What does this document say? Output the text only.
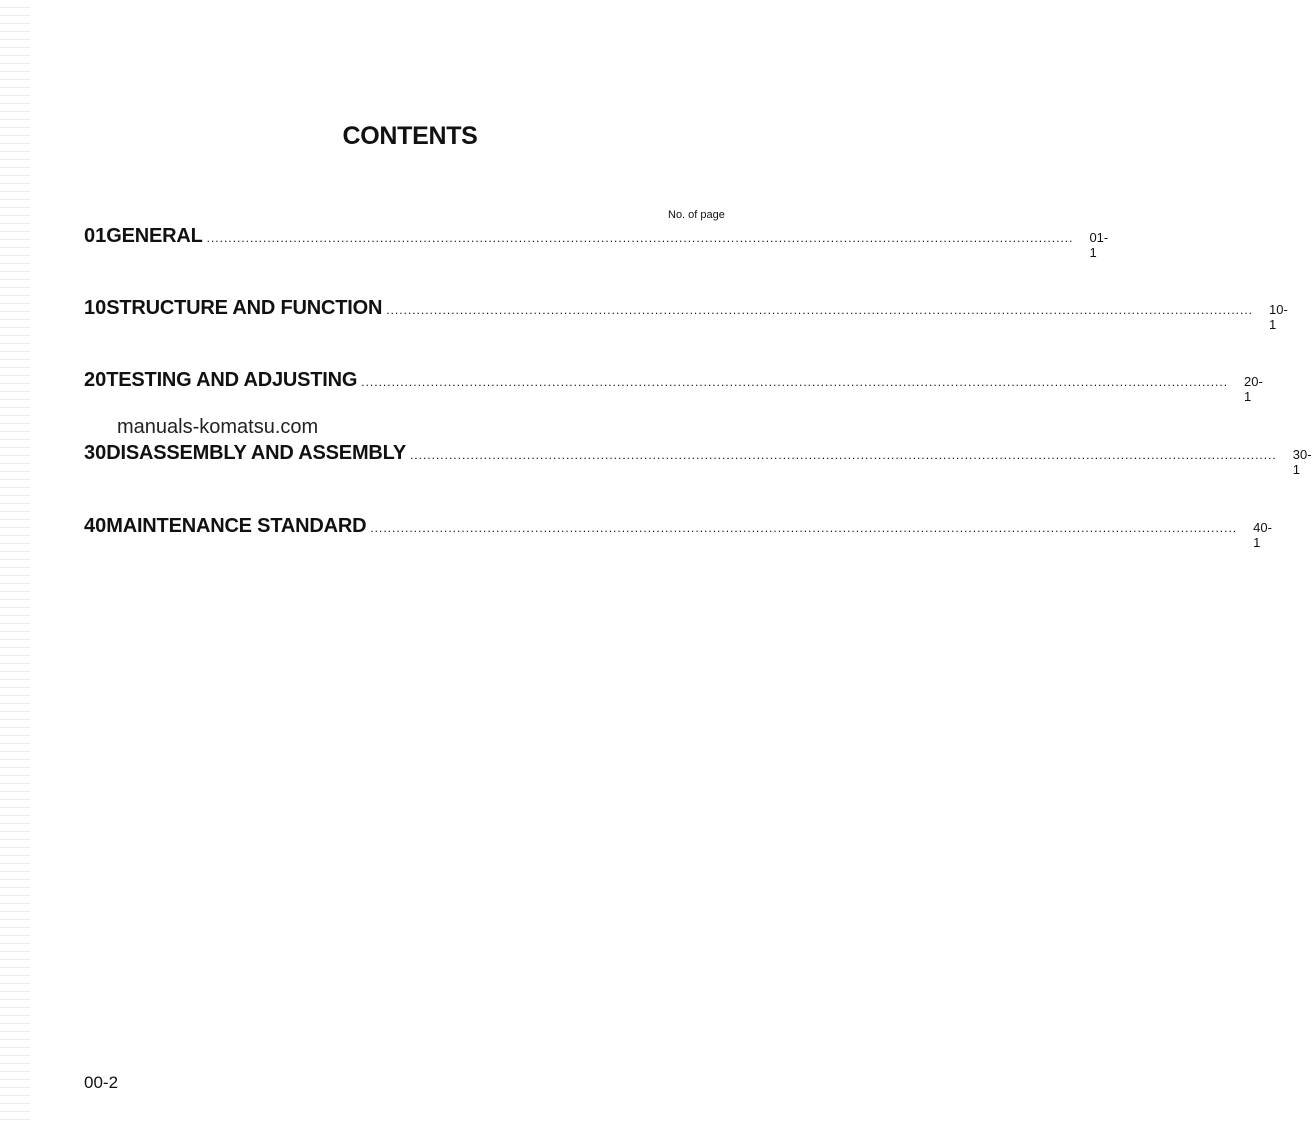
CONTENTS
No. of page
01 GENERAL ........................................................................................................................................................................................................	01-1
10 STRUCTURE AND FUNCTION ........................................................................................................................................................................................................	10-1
20 TESTING AND ADJUSTING ........................................................................................................................................................................................................	20-1
30 DISASSEMBLY AND ASSEMBLY ........................................................................................................................................................................................................	30-1
40 MAINTENANCE STANDARD ........................................................................................................................................................................................................	40-1
manuals-komatsu.com
00-2
